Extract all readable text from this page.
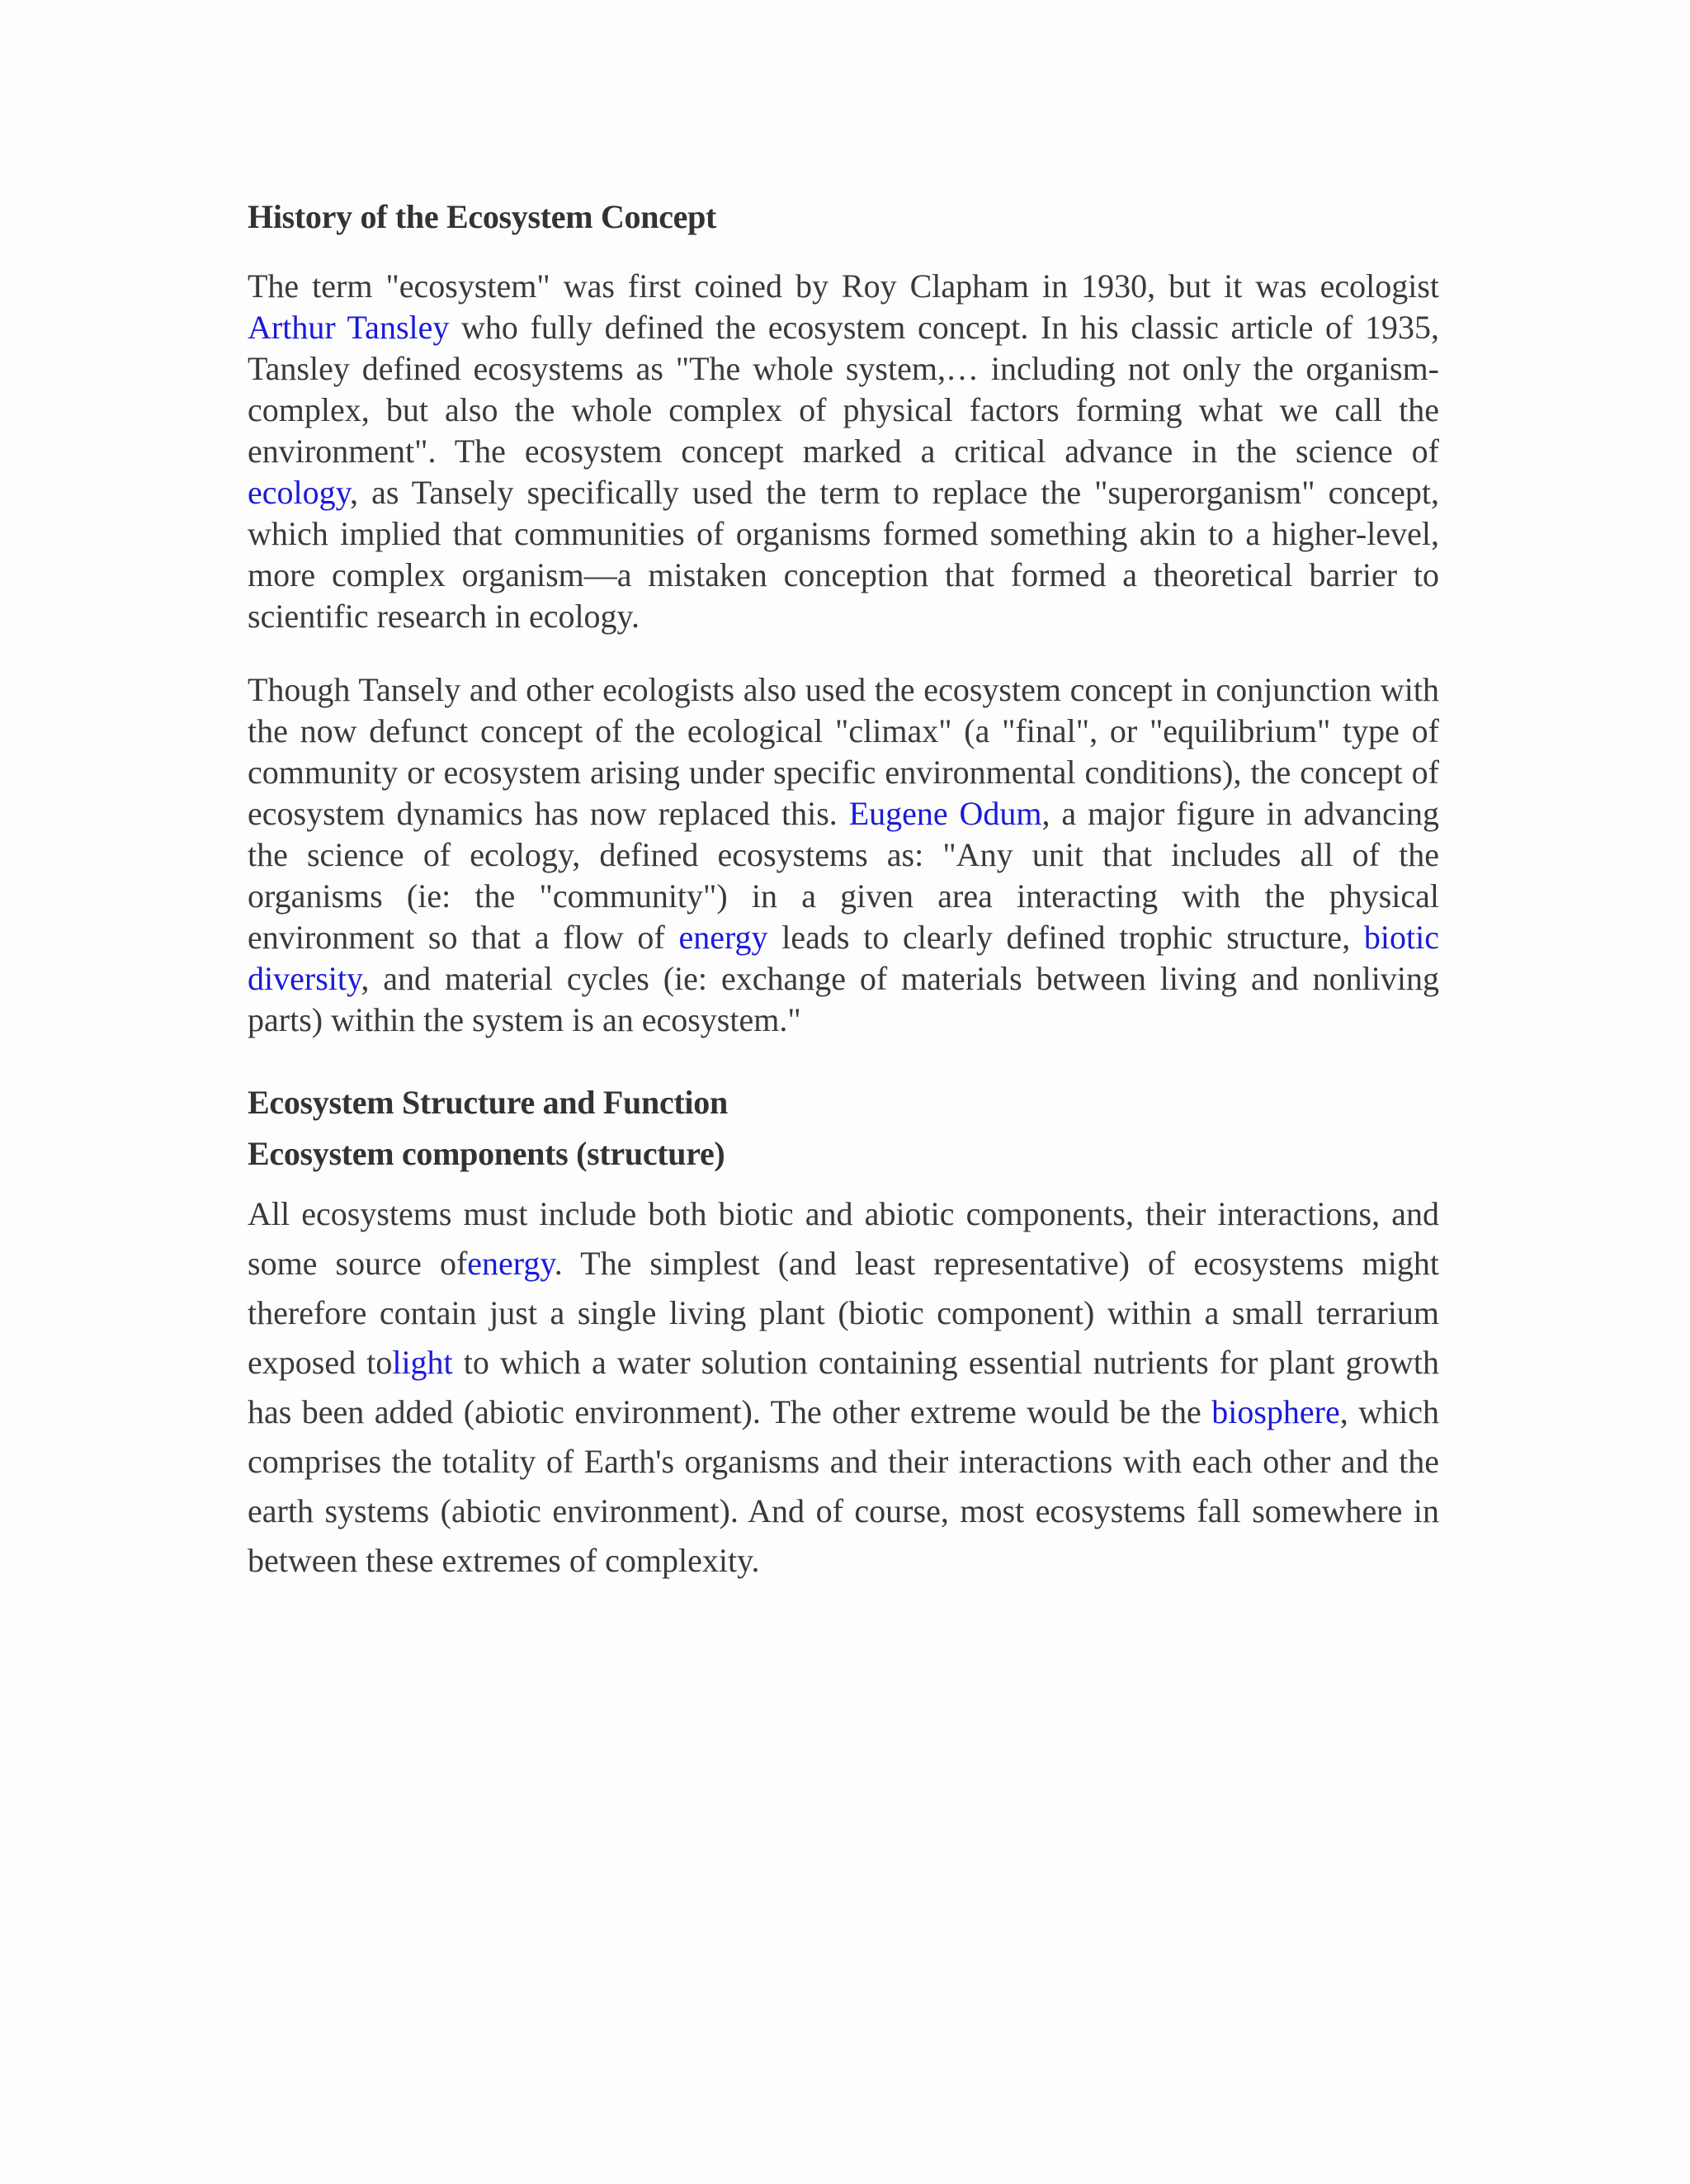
History of the Ecosystem Concept

The term "ecosystem" was first coined by Roy Clapham in 1930, but it was ecologist Arthur Tansley who fully defined the ecosystem concept. In his classic article of 1935, Tansley defined ecosystems as "The whole system,… including not only the organism-complex, but also the whole complex of physical factors forming what we call the environment". The ecosystem concept marked a critical advance in the science of ecology, as Tansely specifically used the term to replace the "superorganism" concept, which implied that communities of organisms formed something akin to a higher-level, more complex organism—a mistaken conception that formed a theoretical barrier to scientific research in ecology.

Though Tansely and other ecologists also used the ecosystem concept in conjunction with the now defunct concept of the ecological "climax" (a "final", or "equilibrium" type of community or ecosystem arising under specific environmental conditions), the concept of ecosystem dynamics has now replaced this. Eugene Odum, a major figure in advancing the science of ecology, defined ecosystems as: "Any unit that includes all of the organisms (ie: the "community") in a given area interacting with the physical environment so that a flow of energy leads to clearly defined trophic structure, biotic diversity, and material cycles (ie: exchange of materials between living and nonliving parts) within the system is an ecosystem."

Ecosystem Structure and Function
Ecosystem components (structure)

All ecosystems must include both biotic and abiotic components, their interactions, and some source ofenergy. The simplest (and least representative) of ecosystems might therefore contain just a single living plant (biotic component) within a small terrarium exposed tolight to which a water solution containing essential nutrients for plant growth has been added (abiotic environment). The other extreme would be the biosphere, which comprises the totality of Earth's organisms and their interactions with each other and the earth systems (abiotic environment). And of course, most ecosystems fall somewhere in between these extremes of complexity.
